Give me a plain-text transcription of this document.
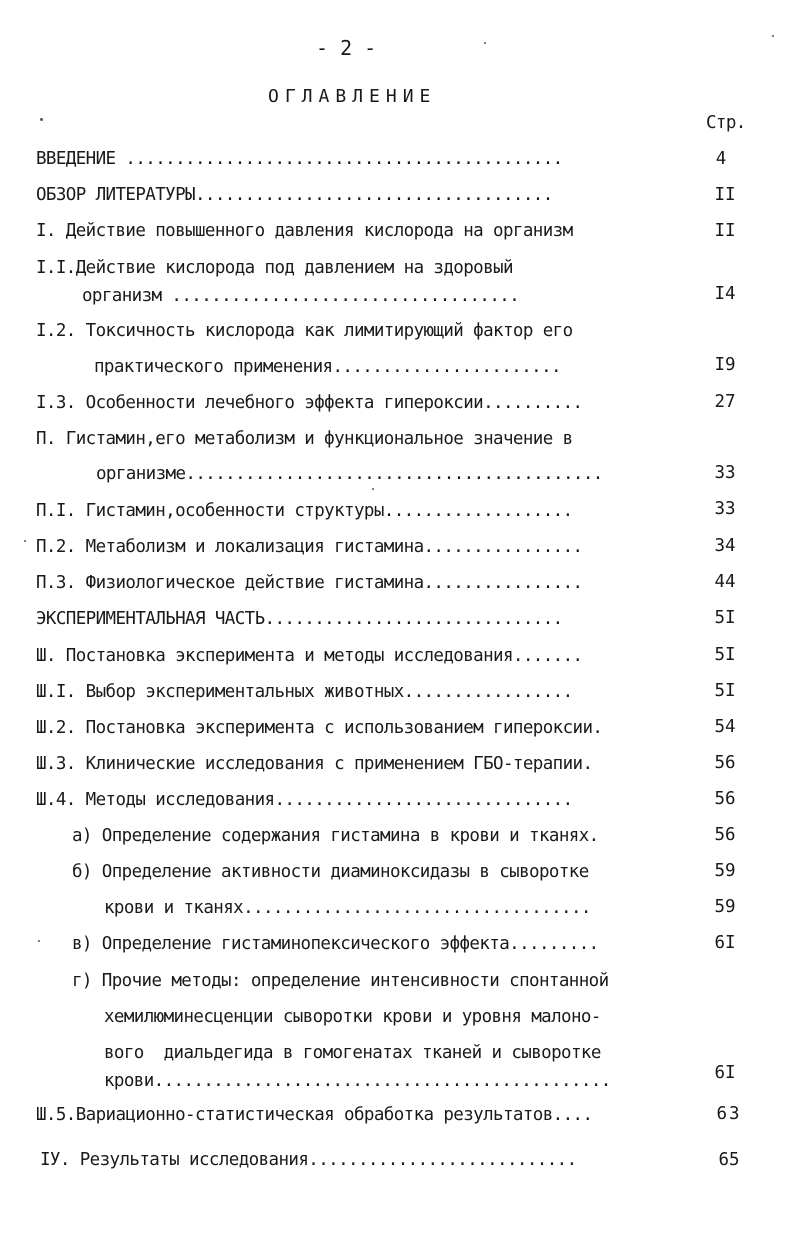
- 2 -
ОГЛАВЛЕНИЕ
Стр.
ВВЕДЕНИЕ ............................................	4
ОБЗОР ЛИТЕРАТУРЫ....................................	II
I. Действие повышенного давления кислорода на организм	II
I.I.Действие кислорода под давлением на здоровый
организм ...................................	I4
I.2. Токсичность кислорода как лимитирующий фактор его
практического применения.......................	I9
I.3. Особенности лечебного эффекта гипероксии..........	27
П. Гистамин,его метаболизм и функциональное значение в
организме..........................................	33
П.I. Гистамин,особенности структуры...................	33
П.2. Метаболизм и локализация гистамина................	34
П.3. Физиологическое действие гистамина................	44
ЭКСПЕРИМЕНТАЛЬНАЯ ЧАСТЬ..............................	5I
Ш. Постановка эксперимента и методы исследования.......	5I
Ш.I. Выбор экспериментальных животных.................	5I
Ш.2. Постановка эксперимента с использованием гипероксии.	54
Ш.3. Клинические исследования с применением ГБО-терапии.	56
Ш.4. Методы исследования..............................	56
а) Определение содержания гистамина в крови и тканях.	56
б) Определение активности диаминоксидазы в сыворотке	59
крови и тканях...................................	59
в) Определение гистаминопексического эффекта.........	6I
г) Прочие методы: определение интенсивности спонтанной
хемилюминесценции сыворотки крови и уровня малоно-
вого  диальдегида в гомогенатах тканей и сыворотке
крови..............................................	6I
Ш.5.Вариационно-статистическая обработка результатов....	63
IУ. Результаты исследования...........................	65
